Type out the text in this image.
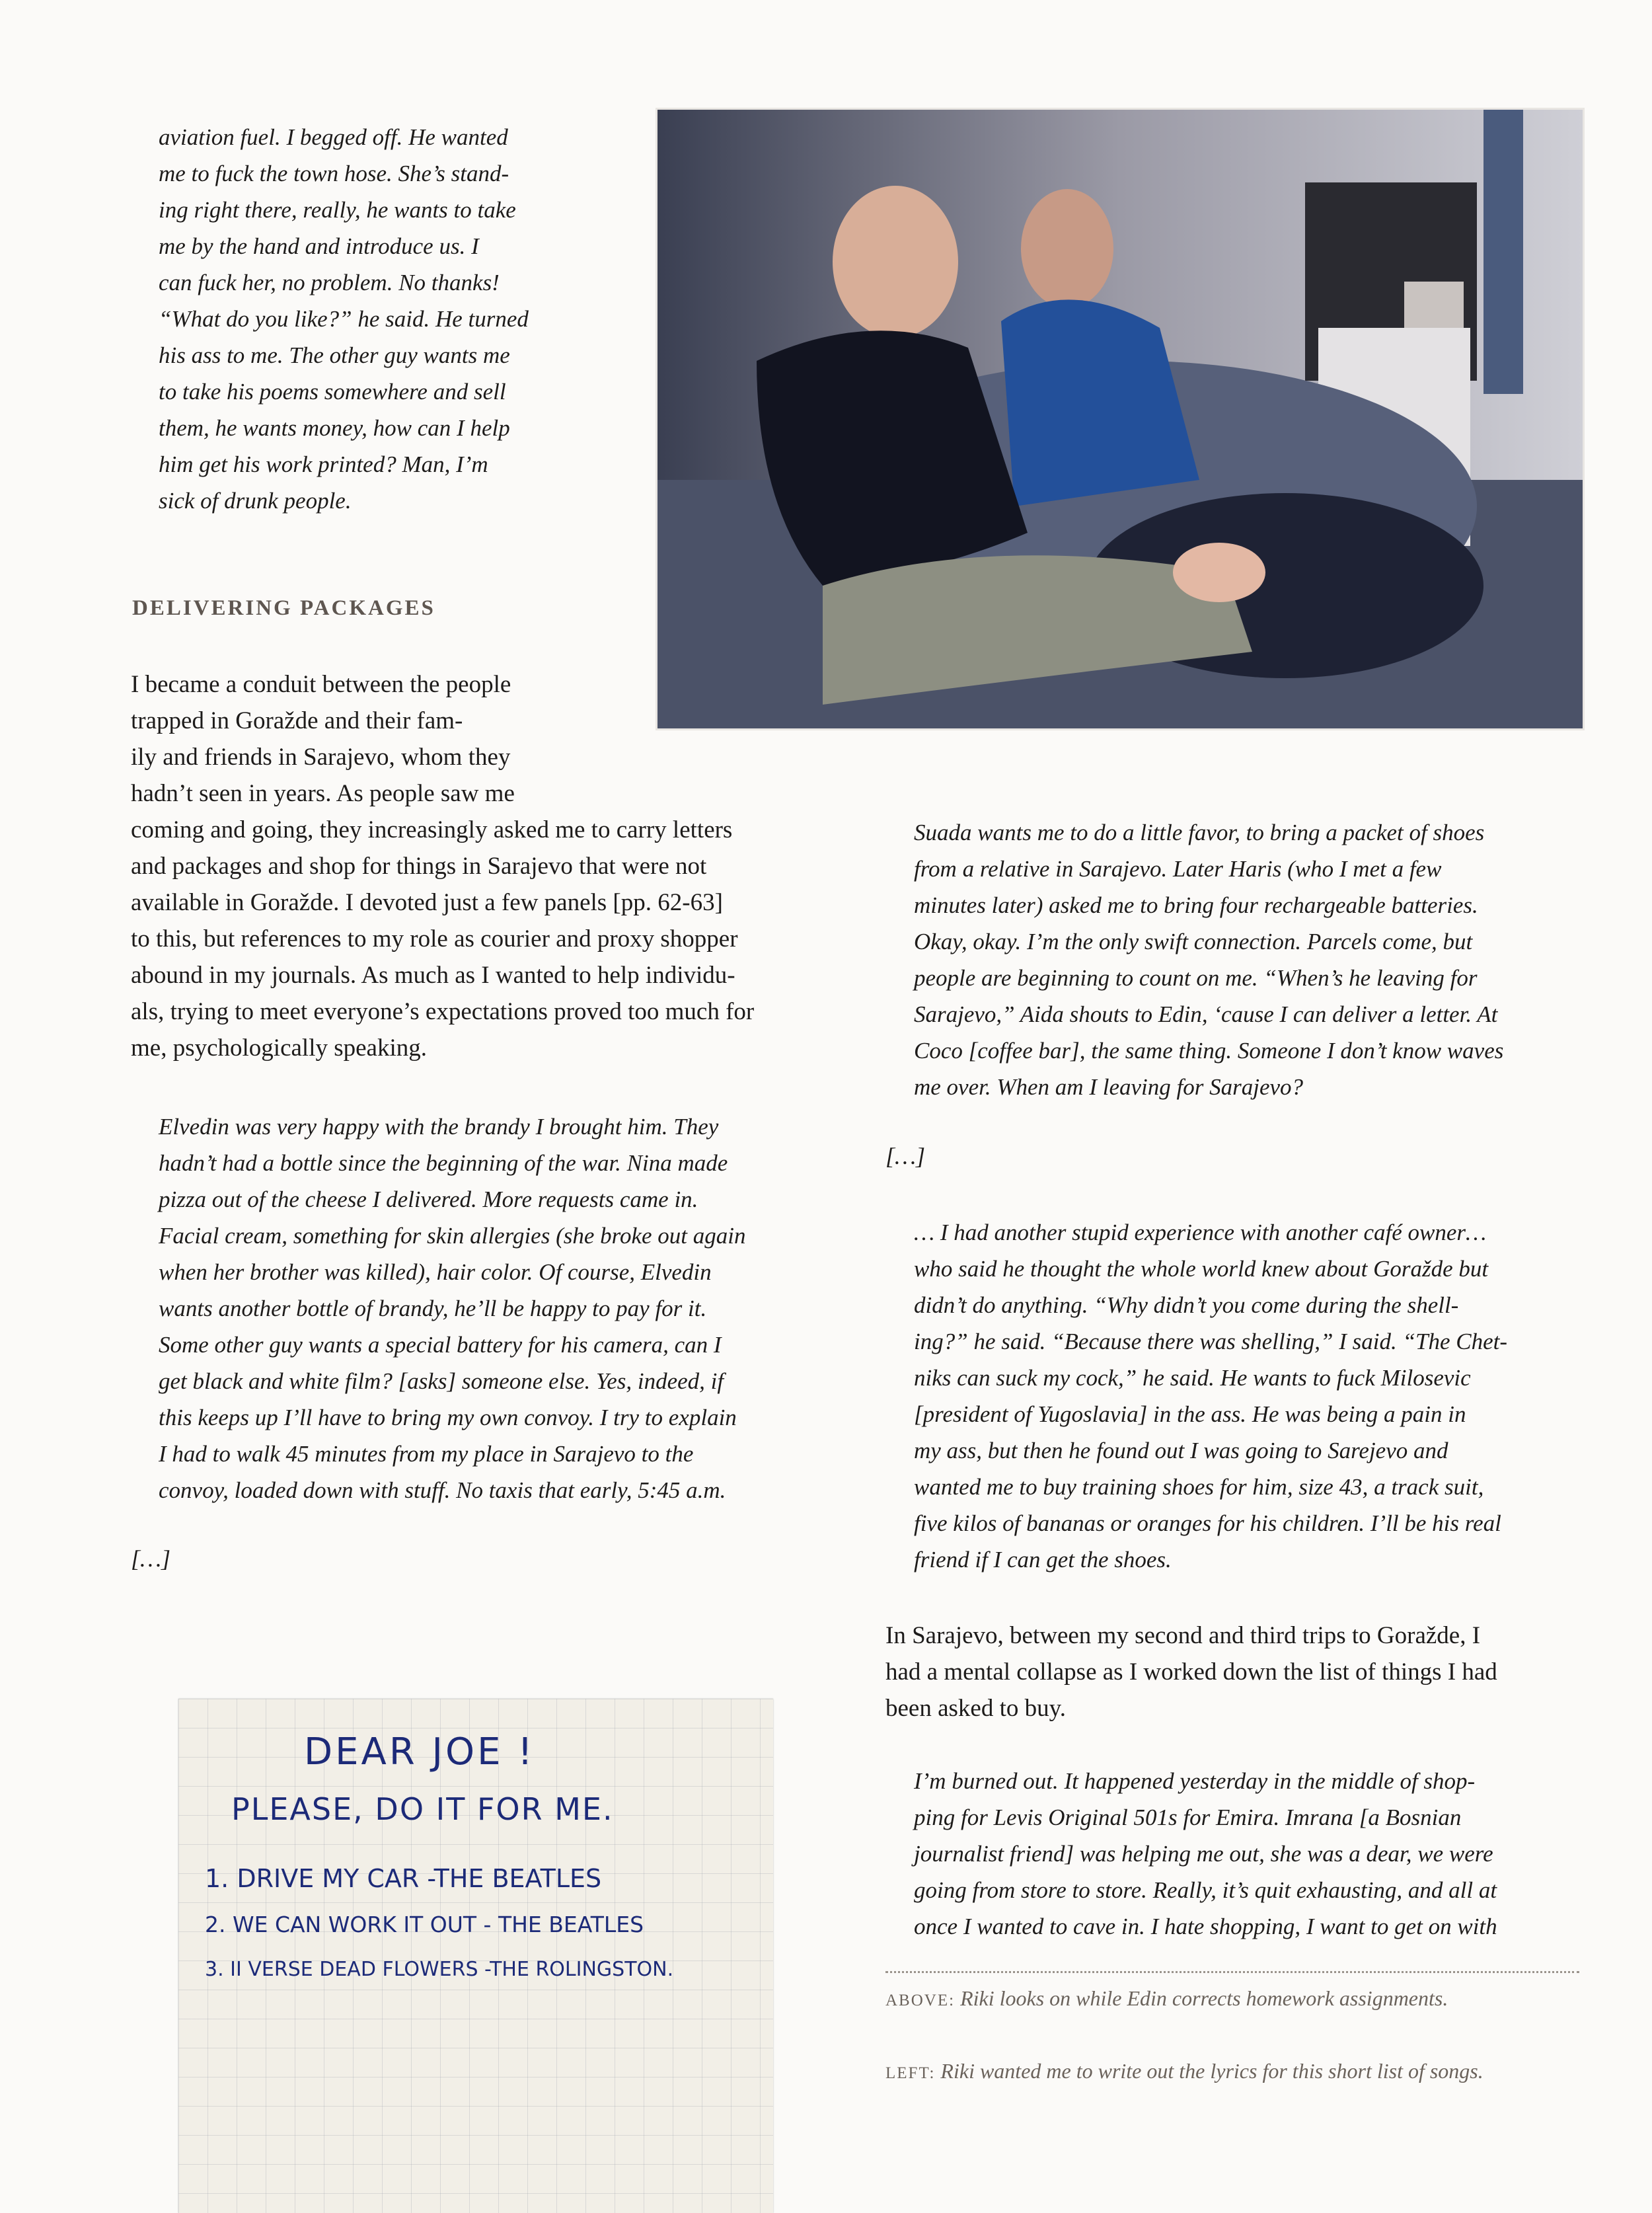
aviation fuel. I begged off. He wanted

me to fuck the town hose. She’s stand-

ing right there, really, he wants to take

me by the hand and introduce us. I

can fuck her, no problem. No thanks!

“What do you like?” he said. He turned

his ass to me. The other guy wants me

to take his poems somewhere and sell

them, he wants money, how can I help

him get his work printed? Man, I’m

sick of drunk people.

DELIVERING PACKAGES

I became a conduit between the people

trapped in Goražde and their fam-

ily and friends in Sarajevo, whom they

hadn’t seen in years. As people saw me

coming and going, they increasingly asked me to carry letters

and packages and shop for things in Sarajevo that were not

available in Goražde. I devoted just a few panels [pp. 62-63]

to this, but references to my role as courier and proxy shopper

abound in my journals. As much as I wanted to help individu-

als, trying to meet everyone’s expectations proved too much for

me, psychologically speaking.

Elvedin was very happy with the brandy I brought him. They

hadn’t had a bottle since the beginning of the war. Nina made

pizza out of the cheese I delivered. More requests came in.

Facial cream, something for skin allergies (she broke out again

when her brother was killed), hair color. Of course, Elvedin

wants another bottle of brandy, he’ll be happy to pay for it.

Some other guy wants a special battery for his camera, can I

get black and white film? [asks] someone else. Yes, indeed, if

this keeps up I’ll have to bring my own convoy. I try to explain

I had to walk 45 minutes from my place in Sarajevo to the

convoy, loaded down with stuff. No taxis that early, 5:45 a.m.

[…]

Suada wants me to do a little favor, to bring a packet of shoes

from a relative in Sarajevo. Later Haris (who I met a few

minutes later) asked me to bring four rechargeable batteries.

Okay, okay. I’m the only swift connection. Parcels come, but

people are beginning to count on me. “When’s he leaving for

Sarajevo,” Aida shouts to Edin, ‘cause I can deliver a letter. At

Coco [coffee bar], the same thing. Someone I don’t know waves

me over. When am I leaving for Sarajevo?

[…]

… I had another stupid experience with another café owner…

who said he thought the whole world knew about Goražde but

didn’t do anything. “Why didn’t you come during the shell-

ing?” he said. “Because there was shelling,” I said. “The Chet-

niks can suck my cock,” he said. He wants to fuck Milosevic

[president of Yugoslavia] in the ass. He was being a pain in

my ass, but then he found out I was going to Sarejevo and

wanted me to buy training shoes for him, size 43, a track suit,

five kilos of bananas or oranges for his children. I’ll be his real

friend if I can get the shoes.

In Sarajevo, between my second and third trips to Goražde, I

had a mental collapse as I worked down the list of things I had

been asked to buy.

I’m burned out. It happened yesterday in the middle of shop-

ping for Levis Original 501s for Emira. Imrana [a Bosnian

journalist friend] was helping me out, she was a dear, we were

going from store to store. Really, it’s quit exhausting, and all at

once I wanted to cave in. I hate shopping, I want to get on with

ABOVE: Riki looks on while Edin corrects homework assignments.

LEFT: Riki wanted me to write out the lyrics for this short list of songs.

DEAR JOE !

PLEASE, DO IT FOR ME.

1. DRIVE MY CAR -THE BEATLES

2. WE CAN WORK IT OUT - THE BEATLES

3. II VERSE DEAD FLOWERS -THE ROLINGSTON.
